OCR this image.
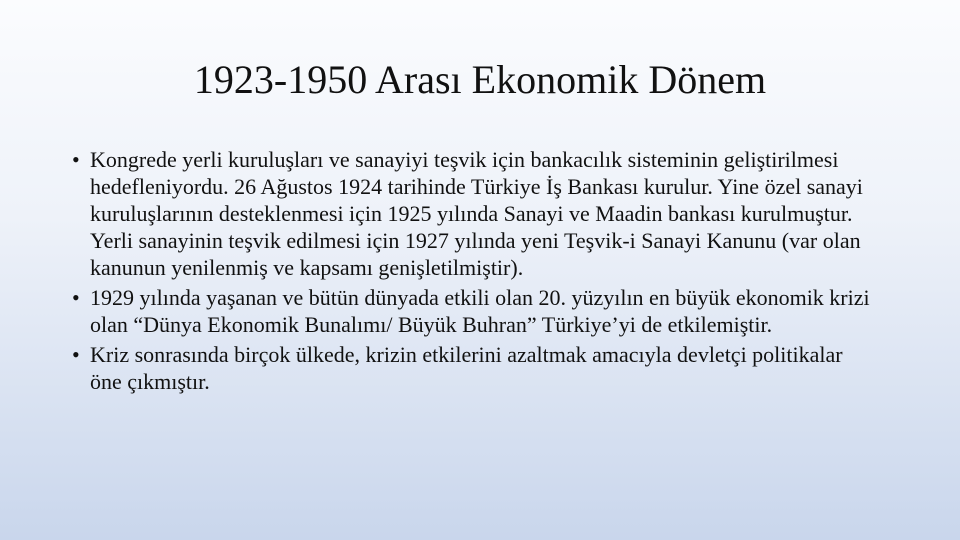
1923-1950 Arası Ekonomik Dönem
• Kongrede yerli kuruluşları ve sanayiyi teşvik için bankacılık sisteminin geliştirilmesi hedefleniyordu. 26 Ağustos 1924 tarihinde Türkiye İş Bankası kurulur. Yine özel sanayi kuruluşlarının desteklenmesi için 1925 yılında Sanayi ve Maadin bankası kurulmuştur. Yerli sanayinin teşvik edilmesi için 1927 yılında yeni Teşvik-i Sanayi Kanunu (var olan kanunun yenilenmiş ve kapsamı genişletilmiştir).
• 1929 yılında yaşanan ve bütün dünyada etkili olan 20. yüzyılın en büyük ekonomik krizi olan “Dünya Ekonomik Bunalımı/ Büyük Buhran” Türkiye’yi de etkilemiştir.
• Kriz sonrasında birçok ülkede, krizin etkilerini azaltmak amacıyla devletçi politikalar öne çıkmıştır.
